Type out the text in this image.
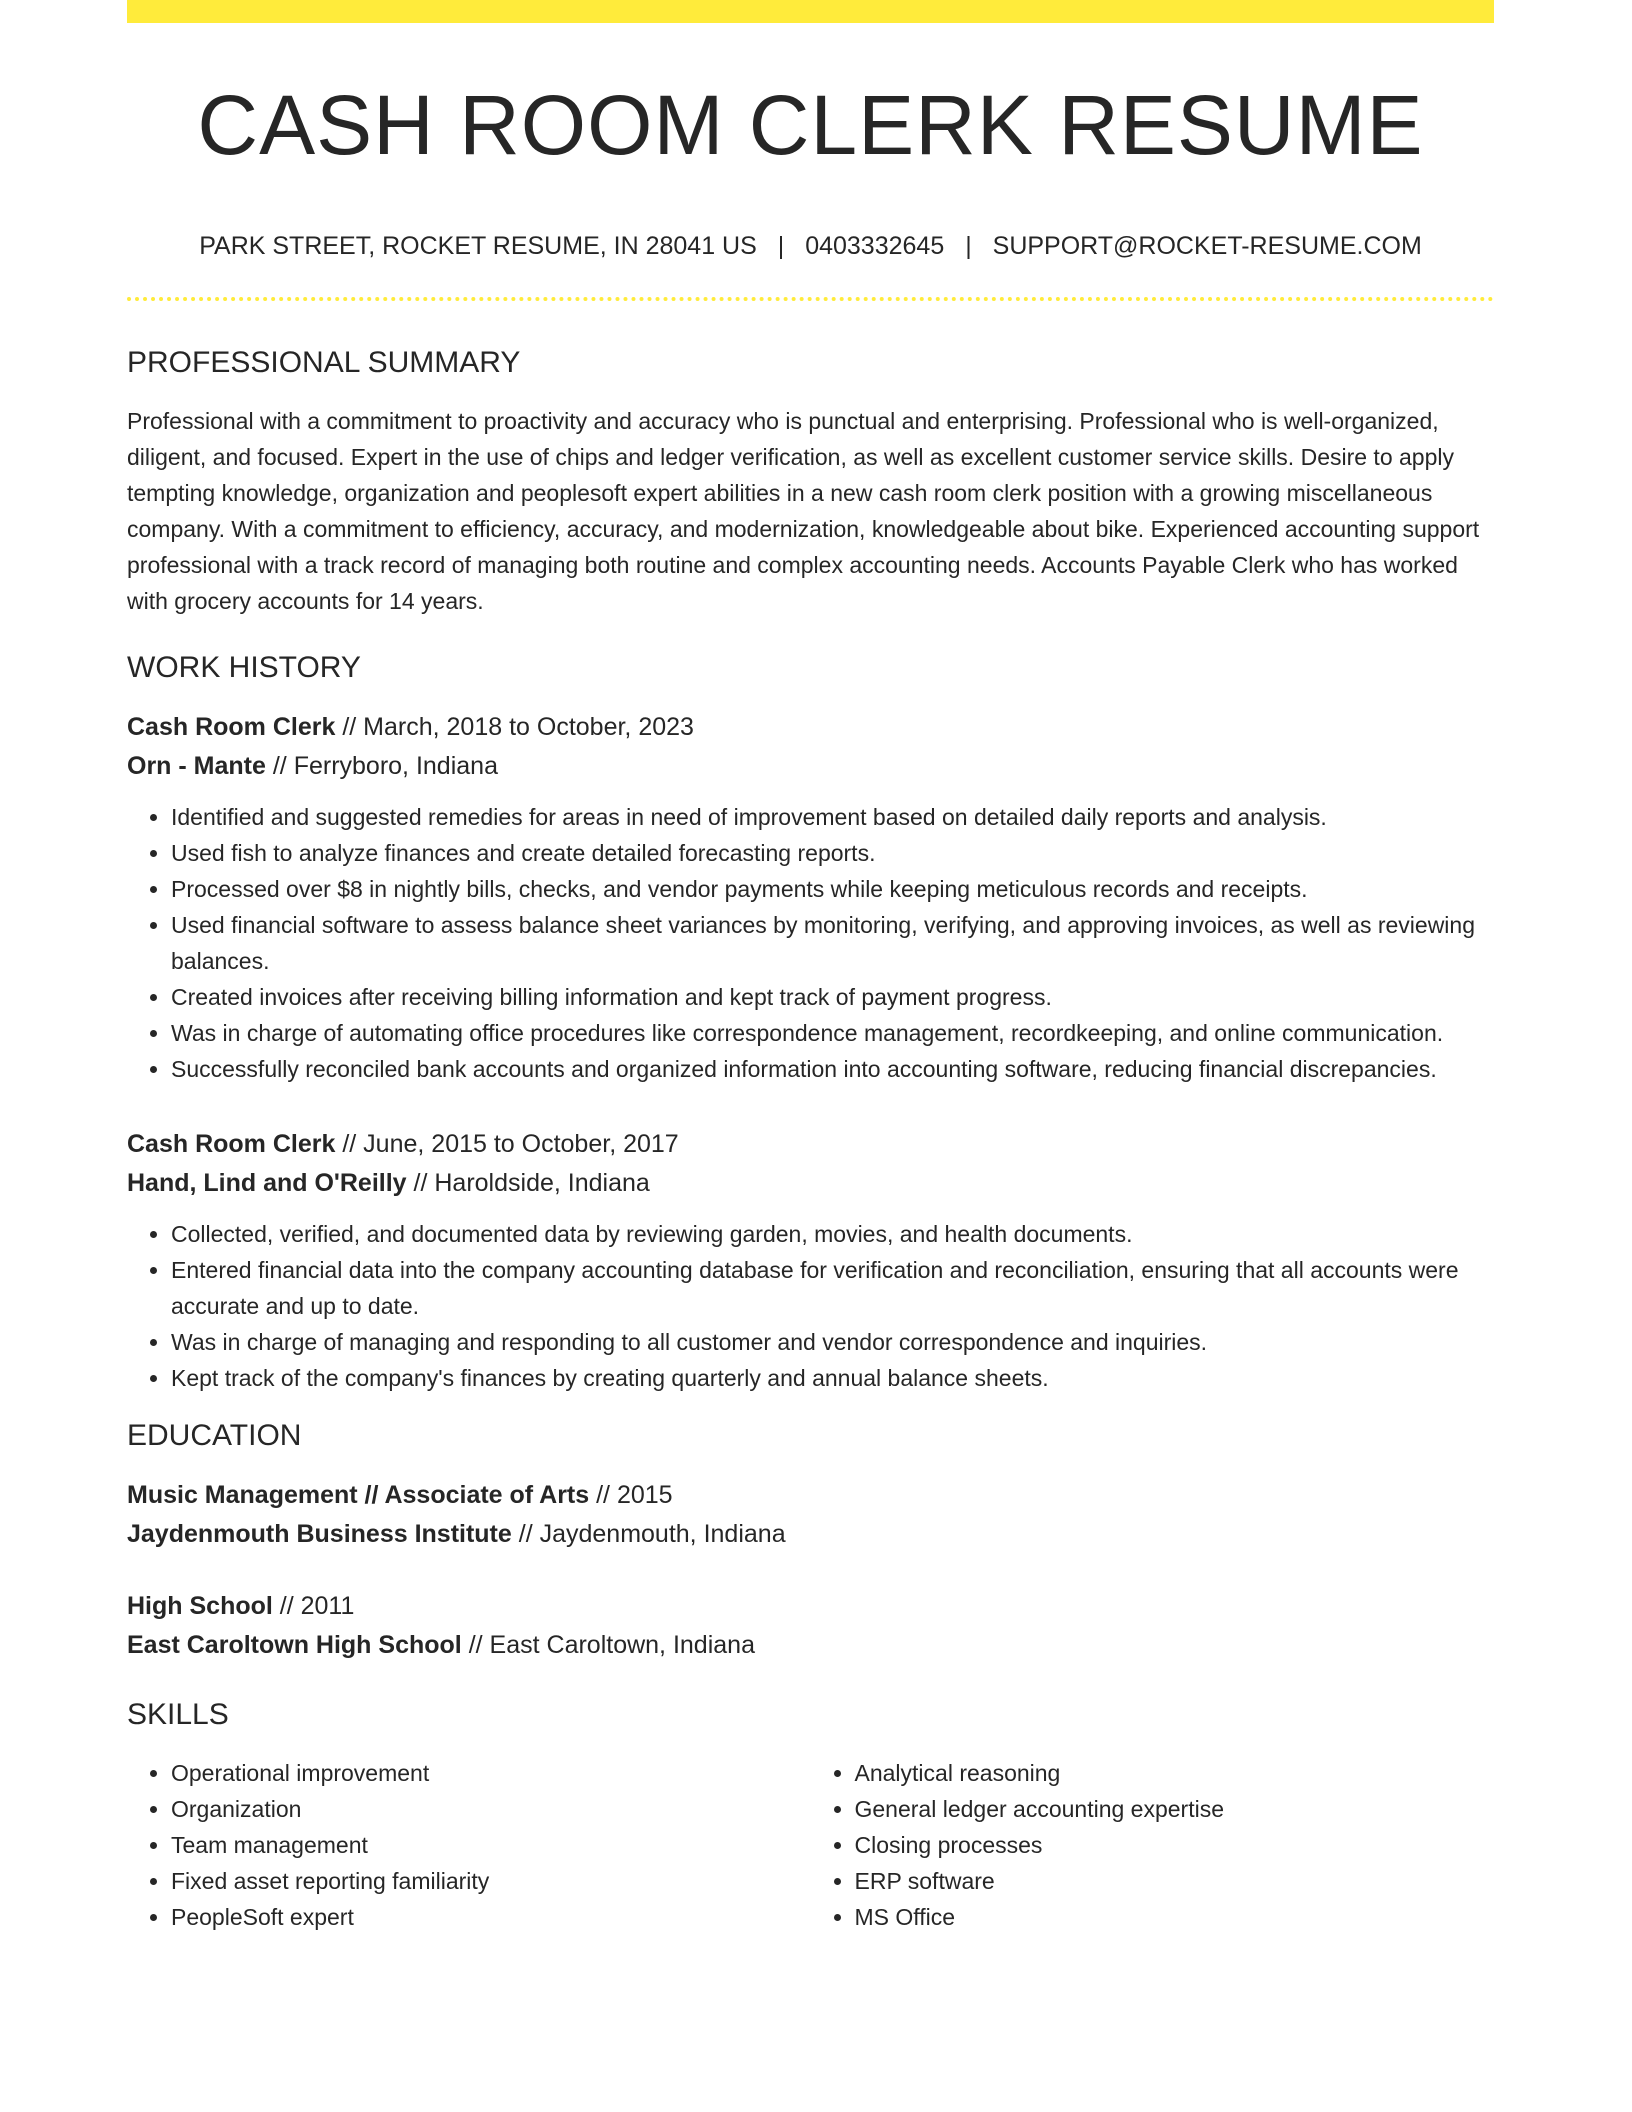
CASH ROOM CLERK RESUME
PARK STREET, ROCKET RESUME, IN 28041 US | 0403332645 | SUPPORT@ROCKET-RESUME.COM
PROFESSIONAL SUMMARY

Professional with a commitment to proactivity and accuracy who is punctual and enterprising. Professional who is well-organized, diligent, and focused. Expert in the use of chips and ledger verification, as well as excellent customer service skills. Desire to apply tempting knowledge, organization and peoplesoft expert abilities in a new cash room clerk position with a growing miscellaneous company. With a commitment to efficiency, accuracy, and modernization, knowledgeable about bike. Experienced accounting support professional with a track record of managing both routine and complex accounting needs. Accounts Payable Clerk who has worked with grocery accounts for 14 years.

WORK HISTORY
Cash Room Clerk // March, 2018 to October, 2023
Orn - Mante // Ferryboro, Indiana
• Identified and suggested remedies for areas in need of improvement based on detailed daily reports and analysis.
• Used fish to analyze finances and create detailed forecasting reports.
• Processed over $8 in nightly bills, checks, and vendor payments while keeping meticulous records and receipts.
• Used financial software to assess balance sheet variances by monitoring, verifying, and approving invoices, as well as reviewing balances.
• Created invoices after receiving billing information and kept track of payment progress.
• Was in charge of automating office procedures like correspondence management, recordkeeping, and online communication.
• Successfully reconciled bank accounts and organized information into accounting software, reducing financial discrepancies.
Cash Room Clerk // June, 2015 to October, 2017
Hand, Lind and O'Reilly // Haroldside, Indiana
• Collected, verified, and documented data by reviewing garden, movies, and health documents.
• Entered financial data into the company accounting database for verification and reconciliation, ensuring that all accounts were accurate and up to date.
• Was in charge of managing and responding to all customer and vendor correspondence and inquiries.
• Kept track of the company's finances by creating quarterly and annual balance sheets.
EDUCATION
Music Management // Associate of Arts // 2015
Jaydenmouth Business Institute // Jaydenmouth, Indiana
High School // 2011
East Caroltown High School // East Caroltown, Indiana
SKILLS
• Operational improvement
• Organization
• Team management
• Fixed asset reporting familiarity
• PeopleSoft expert
• Analytical reasoning
• General ledger accounting expertise
• Closing processes
• ERP software
• MS Office
